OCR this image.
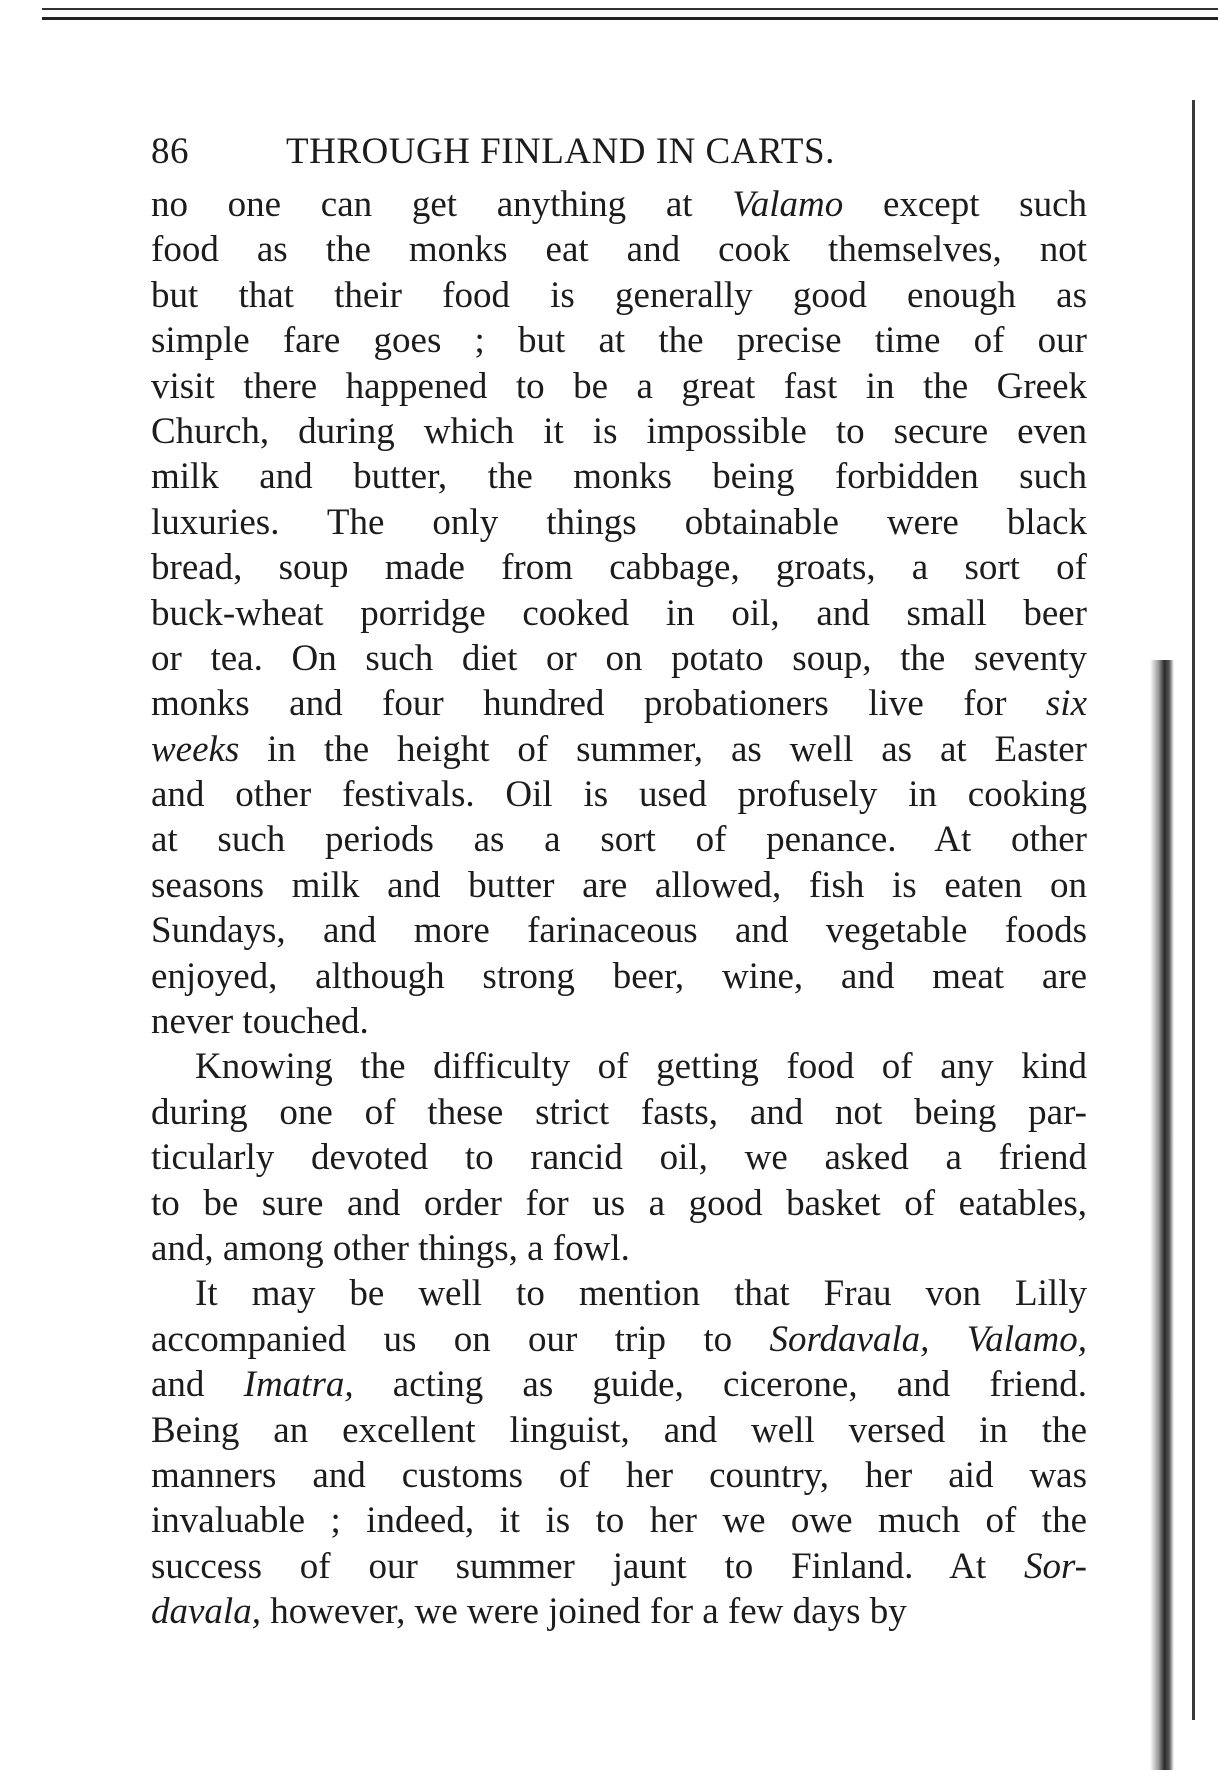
86	THROUGH FINLAND IN CARTS.
no one can get anything at Valamo except such
food as the monks eat and cook themselves, not
but that their food is generally good enough as
simple fare goes ; but at the precise time of our
visit there happened to be a great fast in the Greek
Church, during which it is impossible to secure even
milk and butter, the monks being forbidden such
luxuries. The only things obtainable were black
bread, soup made from cabbage, groats, a sort of
buck-wheat porridge cooked in oil, and small beer
or tea. On such diet or on potato soup, the seventy
monks and four hundred probationers live for six
weeks in the height of summer, as well as at Easter
and other festivals. Oil is used profusely in cooking
at such periods as a sort of penance. At other
seasons milk and butter are allowed, fish is eaten on
Sundays, and more farinaceous and vegetable foods
enjoyed, although strong beer, wine, and meat are
never touched.
Knowing the difficulty of getting food of any kind
during one of these strict fasts, and not being par-
ticularly devoted to rancid oil, we asked a friend
to be sure and order for us a good basket of eatables,
and, among other things, a fowl.
It may be well to mention that Frau von Lilly
accompanied us on our trip to Sordavala, Valamo,
and Imatra, acting as guide, cicerone, and friend.
Being an excellent linguist, and well versed in the
manners and customs of her country, her aid was
invaluable ; indeed, it is to her we owe much of the
success of our summer jaunt to Finland. At Sor-
davala, however, we were joined for a few days by
